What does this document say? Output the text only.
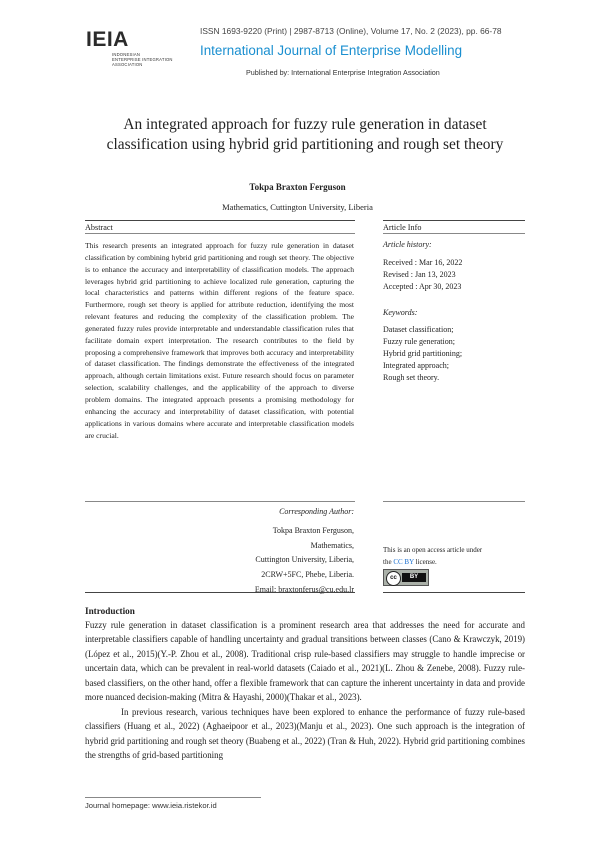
IEIA
INDONESIAN
ENTERPRISE INTEGRATION
ASSOCIATION
ISSN 1693-9220 (Print) | 2987-8713 (Online), Volume 17, No. 2 (2023), pp. 66-78
International Journal of Enterprise Modelling
Published by: International Enterprise Integration Association
An integrated approach for fuzzy rule generation in dataset classification using hybrid grid partitioning and rough set theory
Tokpa Braxton Ferguson
Mathematics, Cuttington University, Liberia
Abstract
This research presents an integrated approach for fuzzy rule generation in dataset classification by combining hybrid grid partitioning and rough set theory. The objective is to enhance the accuracy and interpretability of classification models. The approach leverages hybrid grid partitioning to achieve localized rule generation, capturing the local characteristics and patterns within different regions of the feature space. Furthermore, rough set theory is applied for attribute reduction, identifying the most relevant features and reducing the complexity of the classification problem. The generated fuzzy rules provide interpretable and understandable classification rules that facilitate domain expert interpretation. The research contributes to the field by proposing a comprehensive framework that improves both accuracy and interpretability of dataset classification. The findings demonstrate the effectiveness of the integrated approach, although certain limitations exist. Future research should focus on parameter selection, scalability challenges, and the applicability of the approach to diverse problem domains. The integrated approach presents a promising methodology for enhancing the accuracy and interpretability of dataset classification, with potential applications in various domains where accurate and interpretable classification models are crucial.
Corresponding Author:
Tokpa Braxton Ferguson,
Mathematics,
Cuttington University, Liberia,
2CRW+5FC, Phebe, Liberia.
Email: braxtonferus@cu.edu.lr
Article Info
Article history:
Received : Mar 16, 2022
Revised : Jan 13, 2023
Accepted : Apr 30, 2023
Keywords:
Dataset classification;
Fuzzy rule generation;
Hybrid grid partitioning;
Integrated approach;
Rough set theory.
This is an open access article under
the CC BY license.
cc	BY
Introduction

Fuzzy rule generation in dataset classification is a prominent research area that addresses the need for accurate and interpretable classifiers capable of handling uncertainty and gradual transitions between classes (Cano & Krawczyk, 2019)(López et al., 2015)(Y.-P. Zhou et al., 2008). Traditional crisp rule-based classifiers may struggle to handle imprecise or uncertain data, which can be prevalent in real-world datasets (Caiado et al., 2021)(L. Zhou & Zenebe, 2008). Fuzzy rule-based classifiers, on the other hand, offer a flexible framework that can capture the inherent uncertainty in data and provide more nuanced decision-making (Mitra & Hayashi, 2000)(Thakar et al., 2023).

In previous research, various techniques have been explored to enhance the performance of fuzzy rule-based classifiers (Huang et al., 2022) (Aghaeipoor et al., 2023)(Manju et al., 2023). One such approach is the integration of hybrid grid partitioning and rough set theory (Buabeng et al., 2022) (Tran & Huh, 2022). Hybrid grid partitioning combines the strengths of grid-based partitioning

Journal homepage: www.ieia.ristekor.id
